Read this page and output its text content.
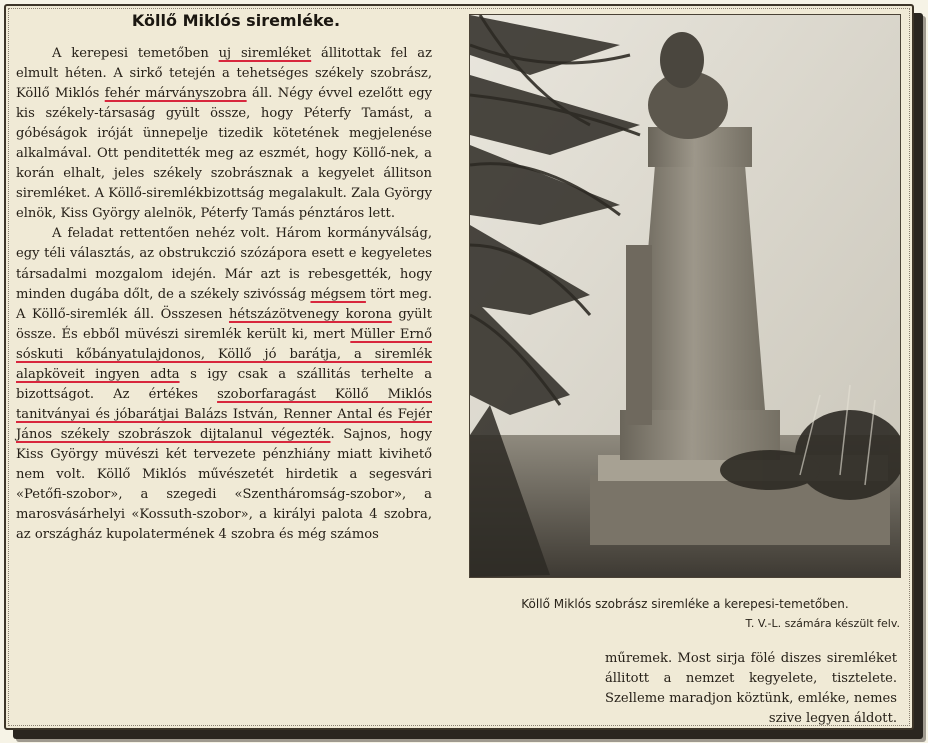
Köllő Miklós siremléke.

A kerepesi temetőben uj siremléket állitottak fel az elmult héten. A sirkő tetején a tehetséges székely szobrász, Köllő Miklós fehér márványszobra áll. Négy évvel ezelőtt egy kis székely-társaság gyült össze, hogy Péterfy Tamást, a góbéságok iróját ünnepelje tizedik kötetének megjelenése alkalmával. Ott penditették meg az eszmét, hogy Köllő-nek, a korán elhalt, jeles székely szobrásznak a kegyelet állitson siremléket. A Köllő-siremlékbizottság megalakult. Zala György elnök, Kiss György alelnök, Péterfy Tamás pénztáros lett.

A feladat rettentően nehéz volt. Három kormányválság, egy téli választás, az obstrukczió szózápora esett e kegyeletes társadalmi mozgalom idején. Már azt is rebesgették, hogy minden dugába dőlt, de a székely szivósság mégsem tört meg. A Köllő-siremlék áll. Összesen hétszázötvenegy korona gyült össze. És ebből müvészi siremlék került ki, mert Müller Ernő sóskuti kőbányatulajdonos, Köllő jó barátja, a siremlék alapköveit ingyen adta s igy csak a szállitás terhelte a bizottságot. Az értékes szoborfaragást Köllő Miklós tanitványai és jóbarátjai Balázs István, Renner Antal és Fejér János székely szobrászok dijtalanul végezték. Sajnos, hogy Kiss György müvészi két tervezete pénzhiány miatt kivihető nem volt. Köllő Miklós művészetét hirdetik a segesvári «Petőfi-szobor», a szegedi «Szentháromság-szobor», a marosvásárhelyi «Kossuth-szobor», a királyi palota 4 szobra, az országház kupolatermének 4 szobra és még számos

Köllő Miklós szobrász siremléke a kerepesi-temetőben.

T. V.-L. számára készült felv.

műremek. Most sirja fölé diszes siremléket állitott a nemzet kegyelete, tisztelete. Szelleme maradjon köztünk, emléke, nemes szive legyen áldott.
